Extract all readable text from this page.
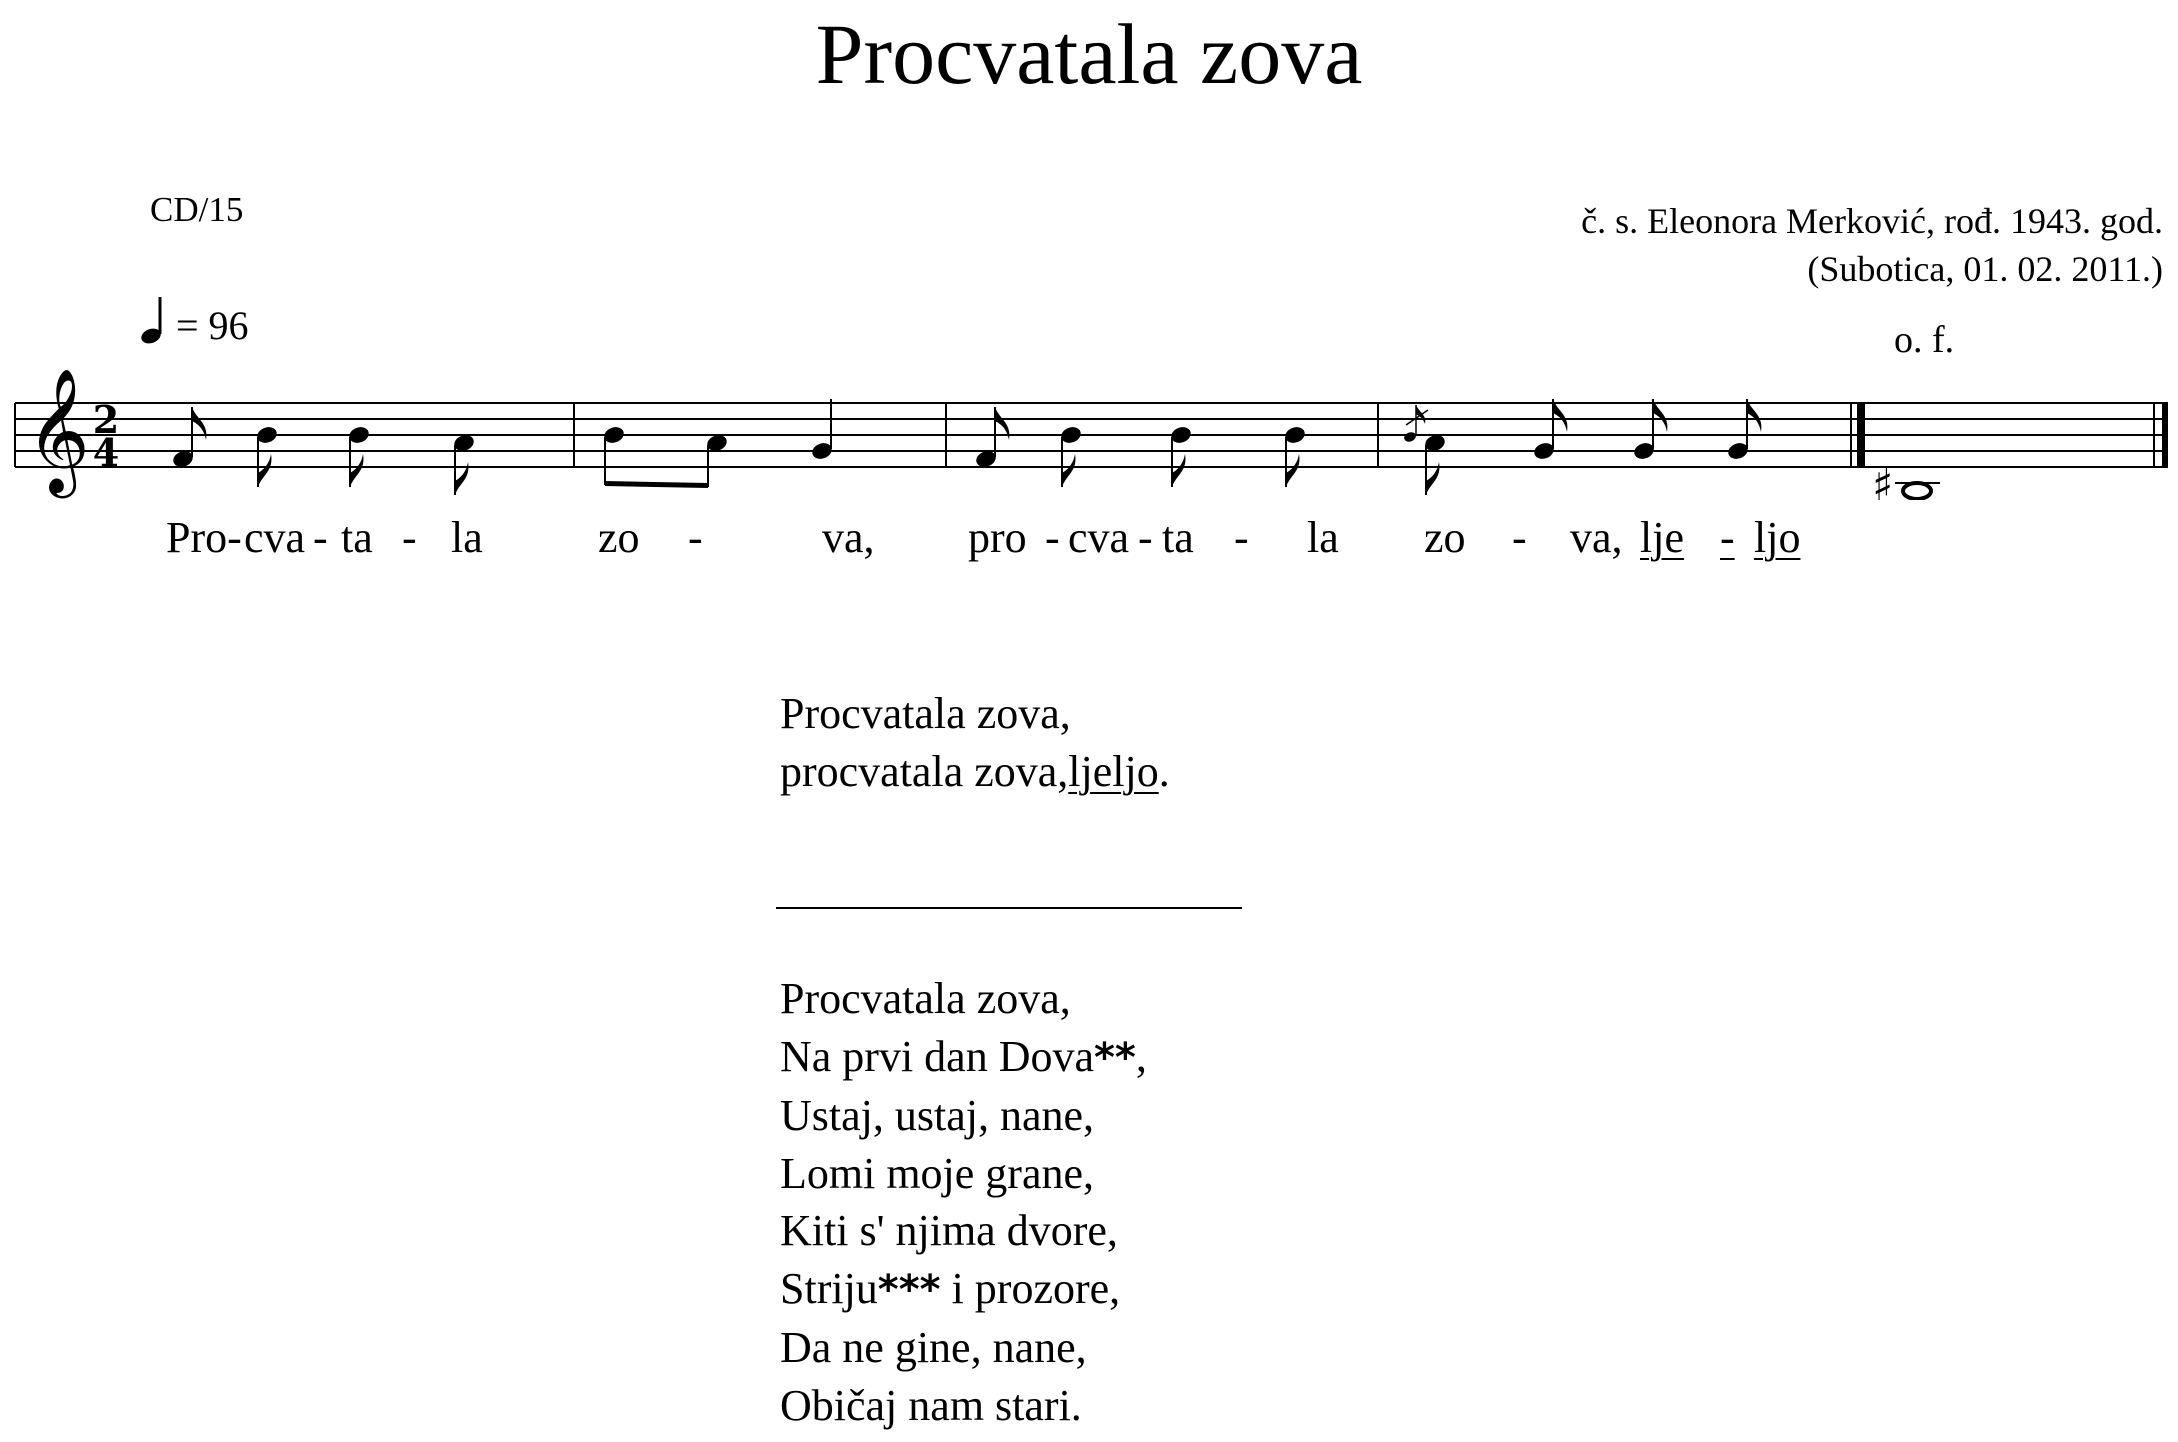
Procvatala zova
CD/15	č. s. Eleonora Merković, rođ. 1943. god.
(Subotica, 01. 02. 2011.)
= 96	o. f.
𝄞 2
4
♯
Pro- cva - ta - la	zo -	va, pro - cva - ta - la zo - va, lje - ljo
Procvatala zova,
procvatala zova,ljeljo.
Procvatala zova,
Na prvi dan Dova**,
Ustaj, ustaj, nane,
Lomi moje grane,
Kiti s' njima dvore,
Striju*** i prozore,
Da ne gine, nane,
Običaj nam stari.
